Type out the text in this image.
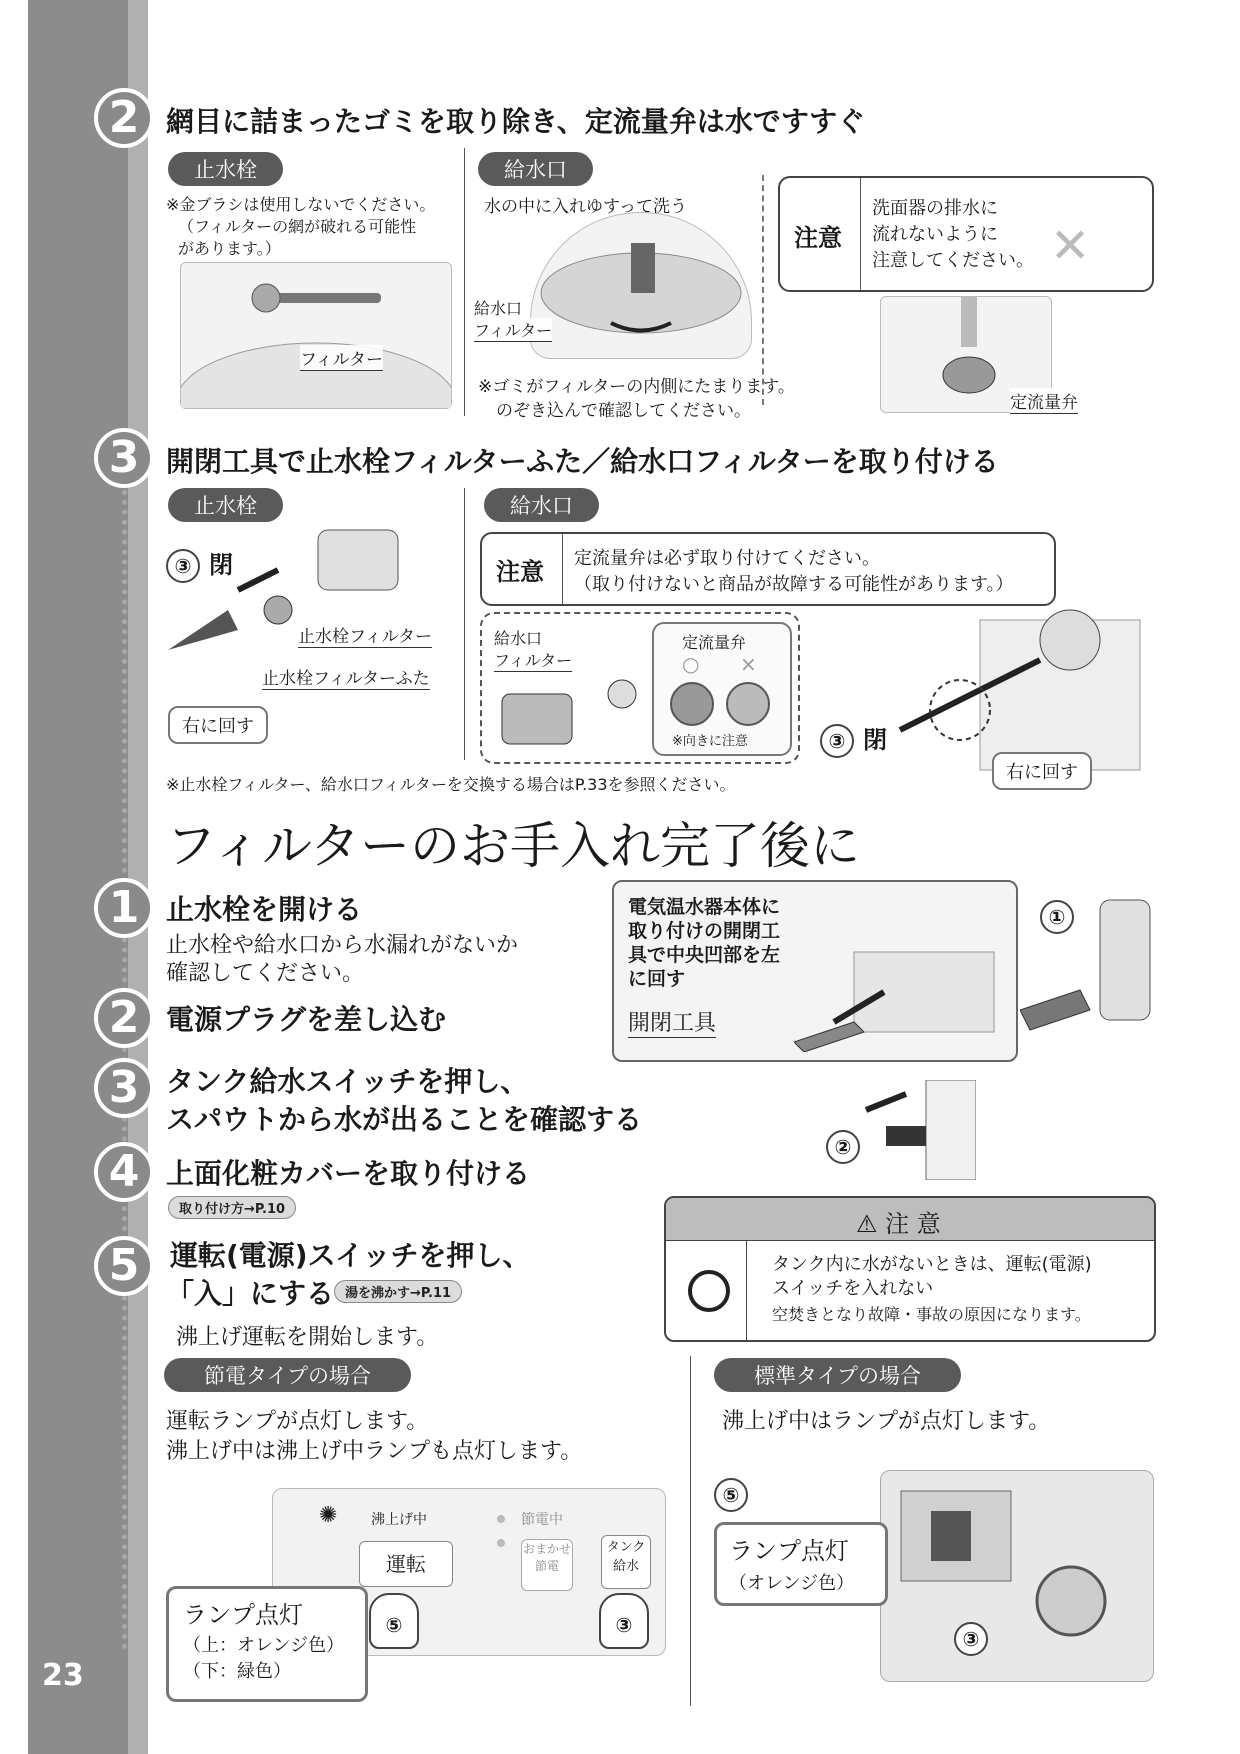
23
2 網目に詰まったゴミを取り除き、定流量弁は水ですすぐ
止水栓
※金ブラシは使用しないでください。
（フィルターの網が破れる可能性
があります。）
フィルター
給水口
水の中に入れゆすって洗う
給水口
フィルター
※ゴミがフィルターの内側にたまります。
のぞき込んで確認してください。
注意
洗面器の排水に
流れないように
注意してください。 ✕
定流量弁
3 開閉工具で止水栓フィルターふた／給水口フィルターを取り付ける
止水栓
③ 閉
止水栓フィルター
止水栓フィルターふた
右に回す
給水口
注意 定流量弁は必ず取り付けてください。
（取り付けないと商品が故障する可能性があります。）
給水口
フィルター
定流量弁
○ ×
※向きに注意	③ 閉
右に回す
※止水栓フィルター、給水口フィルターを交換する場合はP.33を参照ください。
フィルターのお手入れ完了後に
1 止水栓を開ける
止水栓や給水口から水漏れがないか
確認してください。
2 電源プラグを差し込む
3 タンク給水スイッチを押し、
スパウトから水が出ることを確認する
4 上面化粧カバーを取り付ける
取り付け方→P.10
5	運転(電源)スイッチを押し、
「入」にする 湯を沸かす→P.11
沸上げ運転を開始します。
電気温水器本体に
取り付けの開閉工
具で中央凹部を左
に回す
開閉工具
①
②
⚠ 注 意
タンク内に水がないときは、運転(電源)
スイッチを入れない
空焚きとなり故障・事故の原因になります。
節電タイプの場合
運転ランプが点灯します。
沸上げ中は沸上げ中ランプも点灯します。
✺ 沸上げ中	節電中
運転
おまかせ
節電
タンク
給水
⑤	③
ランプ点灯
（上：オレンジ色）
（下：緑色）
標準タイプの場合
沸上げ中はランプが点灯します。
⑤
ランプ点灯
（オレンジ色）
③
